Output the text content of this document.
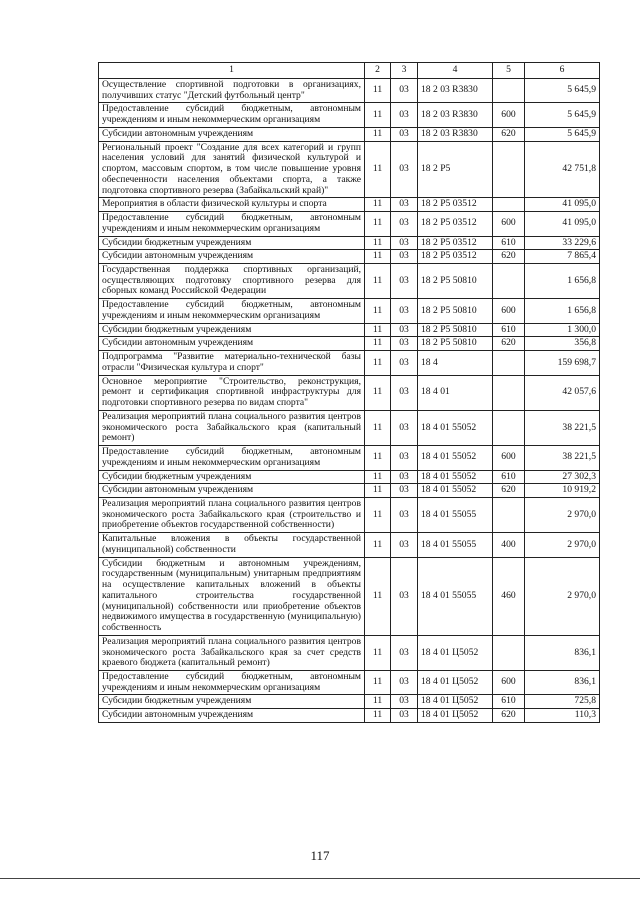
1	2	3	4	5	6
Осуществление спортивной подготовки в организациях, получивших статус "Детский футбольный центр"	11	03	18 2 03 R3830		5 645,9
Предоставление субсидий бюджетным, автономным учреждениям и иным некоммерческим организациям	11	03	18 2 03 R3830	600	5 645,9
Субсидии автономным учреждениям	11	03	18 2 03 R3830	620	5 645,9
Региональный проект "Создание для всех категорий и групп населения условий для занятий физической культурой и спортом, массовым спортом, в том числе повышение уровня обеспеченности населения объектами спорта, а также подготовка спортивного резерва (Забайкальский край)"	11	03	18 2 P5		42 751,8
Мероприятия в области физической культуры и спорта	11	03	18 2 P5 03512		41 095,0
Предоставление субсидий бюджетным, автономным учреждениям и иным некоммерческим организациям	11	03	18 2 P5 03512	600	41 095,0
Субсидии бюджетным учреждениям	11	03	18 2 P5 03512	610	33 229,6
Субсидии автономным учреждениям	11	03	18 2 P5 03512	620	7 865,4
Государственная поддержка спортивных организаций, осуществляющих подготовку спортивного резерва для сборных команд Российской Федерации	11	03	18 2 P5 50810		1 656,8
Предоставление субсидий бюджетным, автономным учреждениям и иным некоммерческим организациям	11	03	18 2 P5 50810	600	1 656,8
Субсидии бюджетным учреждениям	11	03	18 2 P5 50810	610	1 300,0
Субсидии автономным учреждениям	11	03	18 2 P5 50810	620	356,8
Подпрограмма "Развитие материально-технической базы отрасли "Физическая культура и спорт"	11	03	18 4		159 698,7
Основное мероприятие "Строительство, реконструкция, ремонт и сертификация спортивной инфраструктуры для подготовки спортивного резерва по видам спорта"	11	03	18 4 01		42 057,6
Реализация мероприятий плана социального развития центров экономического роста Забайкальского края (капитальный ремонт)	11	03	18 4 01 55052		38 221,5
Предоставление субсидий бюджетным, автономным учреждениям и иным некоммерческим организациям	11	03	18 4 01 55052	600	38 221,5
Субсидии бюджетным учреждениям	11	03	18 4 01 55052	610	27 302,3
Субсидии автономным учреждениям	11	03	18 4 01 55052	620	10 919,2
Реализация мероприятий плана социального развития центров экономического роста Забайкальского края (строительство и приобретение объектов государственной собственности)	11	03	18 4 01 55055		2 970,0
Капитальные вложения в объекты государственной (муниципальной) собственности	11	03	18 4 01 55055	400	2 970,0
Субсидии бюджетным и автономным учреждениям, государственным (муниципальным) унитарным предприятиям на осуществление капитальных вложений в объекты капитального строительства государственной (муниципальной) собственности или приобретение объектов недвижимого имущества в государственную (муниципальную) собственность	11	03	18 4 01 55055	460	2 970,0
Реализация мероприятий плана социального развития центров экономического роста Забайкальского края за счет средств краевого бюджета (капитальный ремонт)	11	03	18 4 01 Ц5052		836,1
Предоставление субсидий бюджетным, автономным учреждениям и иным некоммерческим организациям	11	03	18 4 01 Ц5052	600	836,1
Субсидии бюджетным учреждениям	11	03	18 4 01 Ц5052	610	725,8
Субсидии автономным учреждениям	11	03	18 4 01 Ц5052	620	110,3
117
